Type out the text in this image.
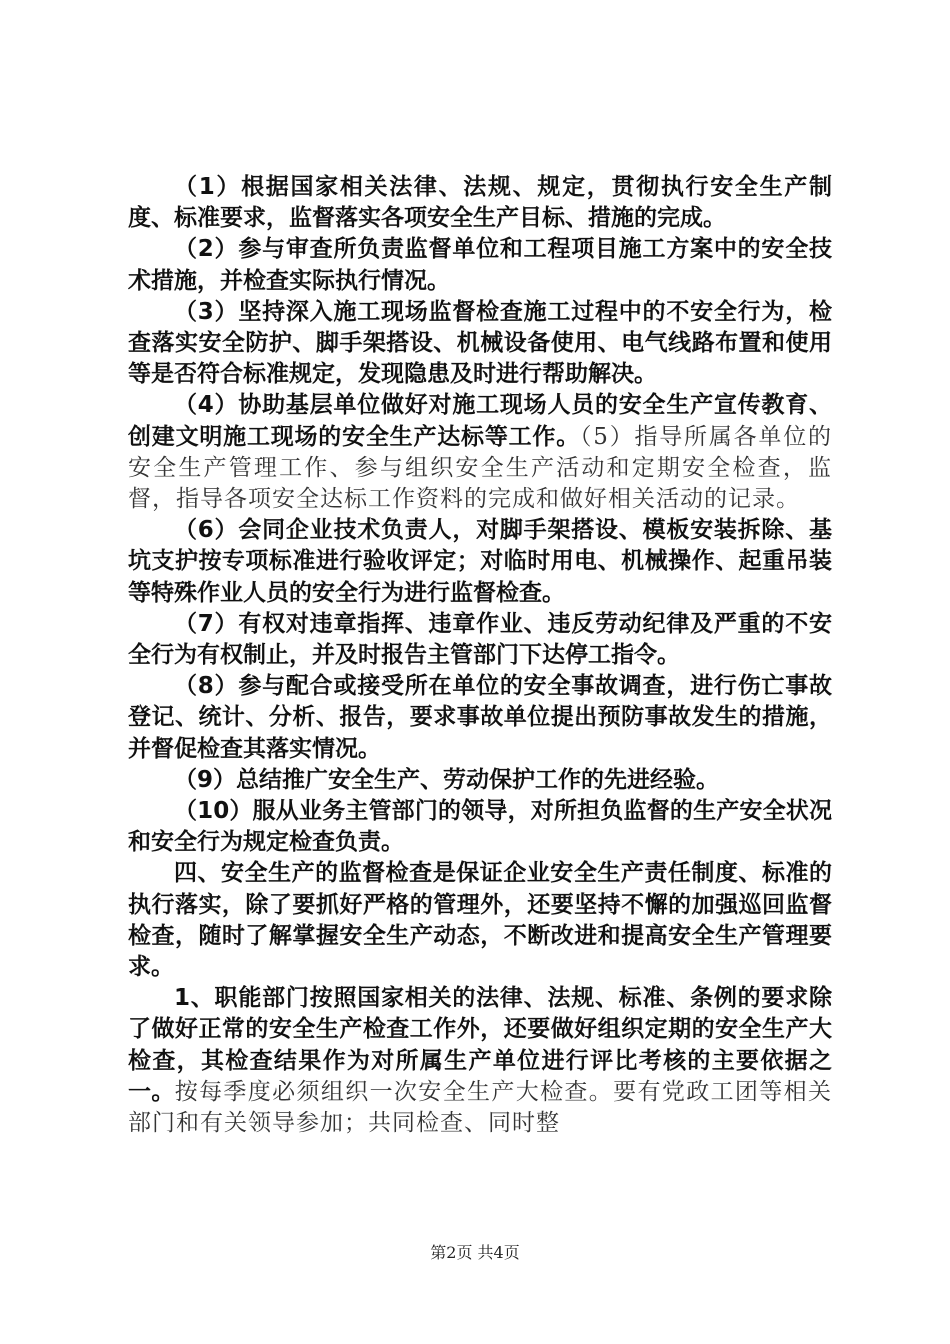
（1）根据国家相关法律、法规、规定，贯彻执行安全生产制度、标准要求，监督落实各项安全生产目标、措施的完成。

（2）参与审查所负责监督单位和工程项目施工方案中的安全技术措施，并检查实际执行情况。

（3）坚持深入施工现场监督检查施工过程中的不安全行为，检查落实安全防护、脚手架搭设、机械设备使用、电气线路布置和使用等是否符合标准规定，发现隐患及时进行帮助解决。

（4）协助基层单位做好对施工现场人员的安全生产宣传教育、创建文明施工现场的安全生产达标等工作。（5）指导所属各单位的安全生产管理工作、参与组织安全生产活动和定期安全检查，监督，指导各项安全达标工作资料的完成和做好相关活动的记录。

（6）会同企业技术负责人，对脚手架搭设、模板安装拆除、基坑支护按专项标准进行验收评定；对临时用电、机械操作、起重吊装等特殊作业人员的安全行为进行监督检查。

（7）有权对违章指挥、违章作业、违反劳动纪律及严重的不安全行为有权制止，并及时报告主管部门下达停工指令。

（8）参与配合或接受所在单位的安全事故调查，进行伤亡事故登记、统计、分析、报告，要求事故单位提出预防事故发生的措施，并督促检查其落实情况。

（9）总结推广安全生产、劳动保护工作的先进经验。

（10）服从业务主管部门的领导，对所担负监督的生产安全状况和安全行为规定检查负责。

四、安全生产的监督检查是保证企业安全生产责任制度、标准的执行落实，除了要抓好严格的管理外，还要坚持不懈的加强巡回监督检查，随时了解掌握安全生产动态，不断改进和提高安全生产管理要求。

1、职能部门按照国家相关的法律、法规、标准、条例的要求除了做好正常的安全生产检查工作外，还要做好组织定期的安全生产大检查，其检查结果作为对所属生产单位进行评比考核的主要依据之一。按每季度必须组织一次安全生产大检查。要有党政工团等相关部门和有关领导参加；共同检查、同时整

第2页 共4页
